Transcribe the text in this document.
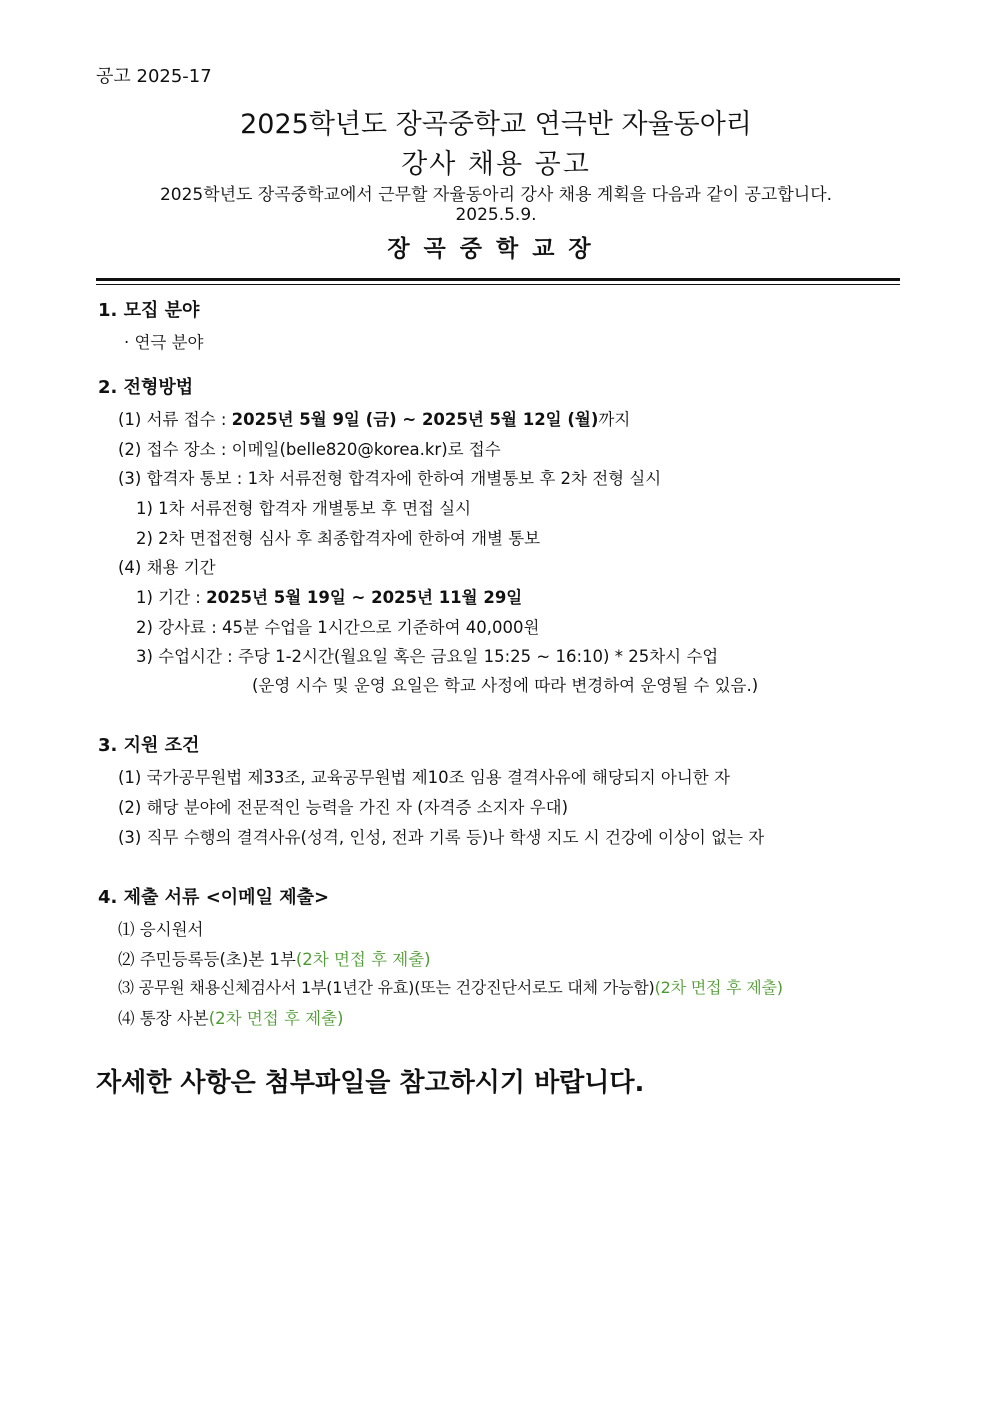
공고 2025-17
2025학년도 장곡중학교 연극반 자율동아리
강사 채용 공고
2025학년도 장곡중학교에서 근무할 자율동아리 강사 채용 계획을 다음과 같이 공고합니다.
2025.5.9.
장곡중학교장
1. 모집 분야
· 연극 분야
2. 전형방법
(1) 서류 접수 : 2025년 5월 9일 (금) ~ 2025년 5월 12일 (월)까지
(2) 접수 장소 : 이메일(belle820@korea.kr)로 접수
(3) 합격자 통보 : 1차 서류전형 합격자에 한하여 개별통보 후 2차 전형 실시
1) 1차 서류전형 합격자 개별통보 후 면접 실시
2) 2차 면접전형 심사 후 최종합격자에 한하여 개별 통보
(4) 채용 기간
1) 기간 : 2025년 5월 19일 ~ 2025년 11월 29일
2) 강사료 : 45분 수업을 1시간으로 기준하여 40,000원
3) 수업시간 : 주당 1-2시간(월요일 혹은 금요일 15:25 ~ 16:10) * 25차시 수업
(운영 시수 및 운영 요일은 학교 사정에 따라 변경하여 운영될 수 있음.)
3. 지원 조건
(1) 국가공무원법 제33조, 교육공무원법 제10조 임용 결격사유에 해당되지 아니한 자
(2) 해당 분야에 전문적인 능력을 가진 자 (자격증 소지자 우대)
(3) 직무 수행의 결격사유(성격, 인성, 전과 기록 등)나 학생 지도 시 건강에 이상이 없는 자
4. 제출 서류 <이메일 제출>
⑴ 응시원서
⑵ 주민등록등(초)본 1부(2차 면접 후 제출)
⑶ 공무원 채용신체검사서 1부(1년간 유효)(또는 건강진단서로도 대체 가능함)(2차 면접 후 제출)
⑷ 통장 사본(2차 면접 후 제출)
자세한 사항은 첨부파일을 참고하시기 바랍니다.
